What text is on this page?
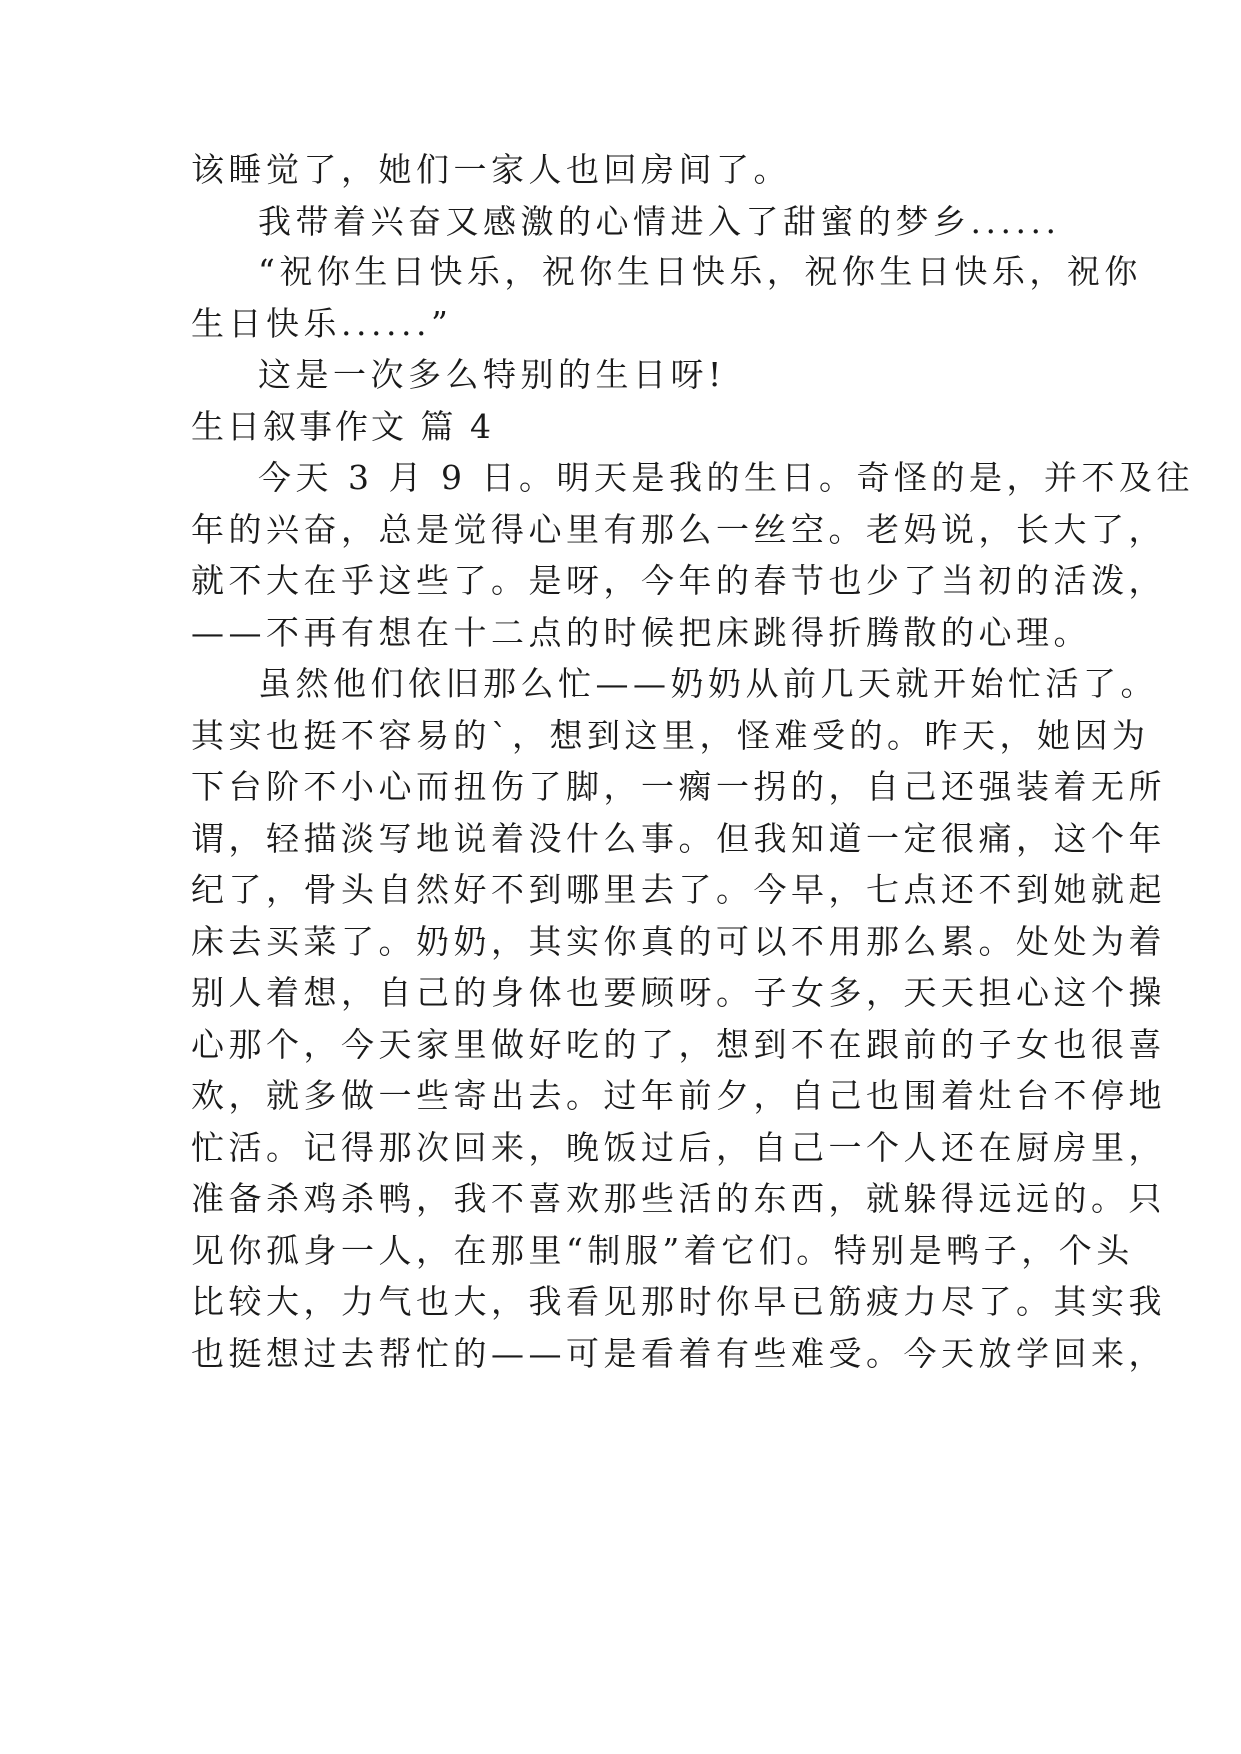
该睡觉了，她们一家人也回房间了。
我带着兴奋又感激的心情进入了甜蜜的梦乡......
“祝你生日快乐，祝你生日快乐，祝你生日快乐，祝你
生日快乐......”
这是一次多么特别的生日呀!
生日叙事作文 篇 4
今天 3 月 9 日。明天是我的生日。奇怪的是，并不及往
年的兴奋，总是觉得心里有那么一丝空。老妈说，长大了，
就不大在乎这些了。是呀，今年的春节也少了当初的活泼，
——不再有想在十二点的时候把床跳得折腾散的心理。
虽然他们依旧那么忙——奶奶从前几天就开始忙活了。
其实也挺不容易的`，想到这里，怪难受的。昨天，她因为
下台阶不小心而扭伤了脚，一瘸一拐的，自己还强装着无所
谓，轻描淡写地说着没什么事。但我知道一定很痛，这个年
纪了，骨头自然好不到哪里去了。今早，七点还不到她就起
床去买菜了。奶奶，其实你真的可以不用那么累。处处为着
别人着想，自己的身体也要顾呀。子女多，天天担心这个操
心那个，今天家里做好吃的了，想到不在跟前的子女也很喜
欢，就多做一些寄出去。过年前夕，自己也围着灶台不停地
忙活。记得那次回来，晚饭过后，自己一个人还在厨房里，
准备杀鸡杀鸭，我不喜欢那些活的东西，就躲得远远的。只
见你孤身一人，在那里“制服”着它们。特别是鸭子，个头
比较大，力气也大，我看见那时你早已筋疲力尽了。其实我
也挺想过去帮忙的——可是看着有些难受。今天放学回来，
